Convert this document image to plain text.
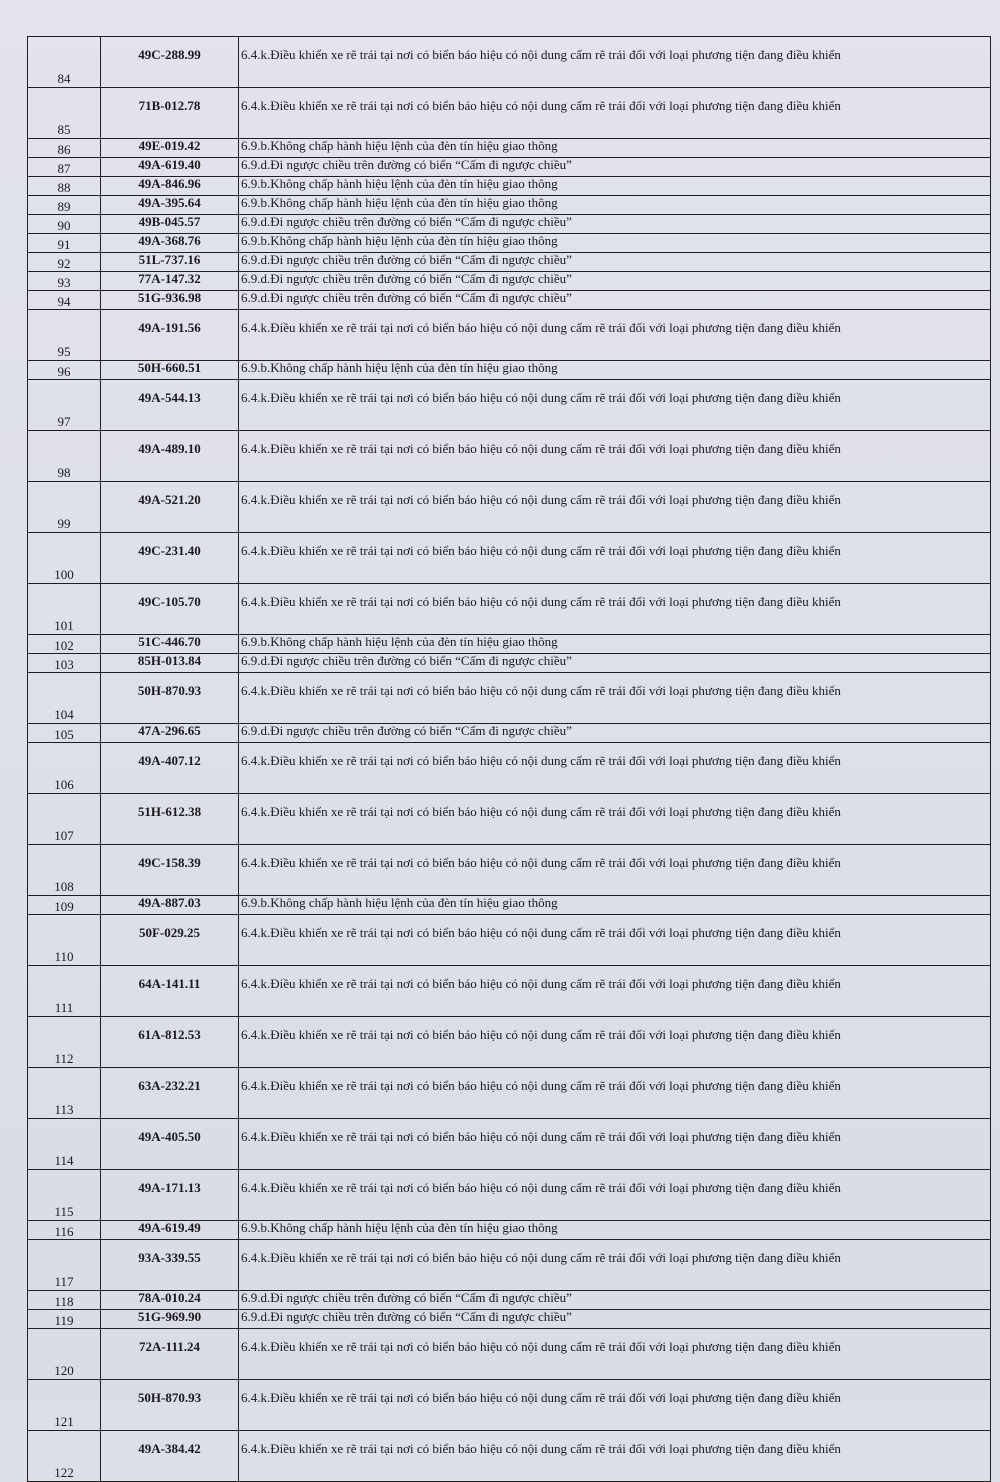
84	49C-288.99	6.4.k.Điều khiển xe rẽ trái tại nơi có biển báo hiệu có nội dung cấm rẽ trái đối với loại phương tiện đang điều khiển
85	71B-012.78	6.4.k.Điều khiển xe rẽ trái tại nơi có biển báo hiệu có nội dung cấm rẽ trái đối với loại phương tiện đang điều khiển
86	49E-019.42	6.9.b.Không chấp hành hiệu lệnh của đèn tín hiệu giao thông
87	49A-619.40	6.9.d.Đi ngược chiều trên đường có biển “Cấm đi ngược chiều”
88	49A-846.96	6.9.b.Không chấp hành hiệu lệnh của đèn tín hiệu giao thông
89	49A-395.64	6.9.b.Không chấp hành hiệu lệnh của đèn tín hiệu giao thông
90	49B-045.57	6.9.d.Đi ngược chiều trên đường có biển “Cấm đi ngược chiều”
91	49A-368.76	6.9.b.Không chấp hành hiệu lệnh của đèn tín hiệu giao thông
92	51L-737.16	6.9.d.Đi ngược chiều trên đường có biển “Cấm đi ngược chiều”
93	77A-147.32	6.9.d.Đi ngược chiều trên đường có biển “Cấm đi ngược chiều”
94	51G-936.98	6.9.d.Đi ngược chiều trên đường có biển “Cấm đi ngược chiều”
95	49A-191.56	6.4.k.Điều khiển xe rẽ trái tại nơi có biển báo hiệu có nội dung cấm rẽ trái đối với loại phương tiện đang điều khiển
96	50H-660.51	6.9.b.Không chấp hành hiệu lệnh của đèn tín hiệu giao thông
97	49A-544.13	6.4.k.Điều khiển xe rẽ trái tại nơi có biển báo hiệu có nội dung cấm rẽ trái đối với loại phương tiện đang điều khiển
98	49A-489.10	6.4.k.Điều khiển xe rẽ trái tại nơi có biển báo hiệu có nội dung cấm rẽ trái đối với loại phương tiện đang điều khiển
99	49A-521.20	6.4.k.Điều khiển xe rẽ trái tại nơi có biển báo hiệu có nội dung cấm rẽ trái đối với loại phương tiện đang điều khiển
100	49C-231.40	6.4.k.Điều khiển xe rẽ trái tại nơi có biển báo hiệu có nội dung cấm rẽ trái đối với loại phương tiện đang điều khiển
101	49C-105.70	6.4.k.Điều khiển xe rẽ trái tại nơi có biển báo hiệu có nội dung cấm rẽ trái đối với loại phương tiện đang điều khiển
102	51C-446.70	6.9.b.Không chấp hành hiệu lệnh của đèn tín hiệu giao thông
103	85H-013.84	6.9.d.Đi ngược chiều trên đường có biển “Cấm đi ngược chiều”
104	50H-870.93	6.4.k.Điều khiển xe rẽ trái tại nơi có biển báo hiệu có nội dung cấm rẽ trái đối với loại phương tiện đang điều khiển
105	47A-296.65	6.9.d.Đi ngược chiều trên đường có biển “Cấm đi ngược chiều”
106	49A-407.12	6.4.k.Điều khiển xe rẽ trái tại nơi có biển báo hiệu có nội dung cấm rẽ trái đối với loại phương tiện đang điều khiển
107	51H-612.38	6.4.k.Điều khiển xe rẽ trái tại nơi có biển báo hiệu có nội dung cấm rẽ trái đối với loại phương tiện đang điều khiển
108	49C-158.39	6.4.k.Điều khiển xe rẽ trái tại nơi có biển báo hiệu có nội dung cấm rẽ trái đối với loại phương tiện đang điều khiển
109	49A-887.03	6.9.b.Không chấp hành hiệu lệnh của đèn tín hiệu giao thông
110	50F-029.25	6.4.k.Điều khiển xe rẽ trái tại nơi có biển báo hiệu có nội dung cấm rẽ trái đối với loại phương tiện đang điều khiển
111	64A-141.11	6.4.k.Điều khiển xe rẽ trái tại nơi có biển báo hiệu có nội dung cấm rẽ trái đối với loại phương tiện đang điều khiển
112	61A-812.53	6.4.k.Điều khiển xe rẽ trái tại nơi có biển báo hiệu có nội dung cấm rẽ trái đối với loại phương tiện đang điều khiển
113	63A-232.21	6.4.k.Điều khiển xe rẽ trái tại nơi có biển báo hiệu có nội dung cấm rẽ trái đối với loại phương tiện đang điều khiển
114	49A-405.50	6.4.k.Điều khiển xe rẽ trái tại nơi có biển báo hiệu có nội dung cấm rẽ trái đối với loại phương tiện đang điều khiển
115	49A-171.13	6.4.k.Điều khiển xe rẽ trái tại nơi có biển báo hiệu có nội dung cấm rẽ trái đối với loại phương tiện đang điều khiển
116	49A-619.49	6.9.b.Không chấp hành hiệu lệnh của đèn tín hiệu giao thông
117	93A-339.55	6.4.k.Điều khiển xe rẽ trái tại nơi có biển báo hiệu có nội dung cấm rẽ trái đối với loại phương tiện đang điều khiển
118	78A-010.24	6.9.d.Đi ngược chiều trên đường có biển “Cấm đi ngược chiều”
119	51G-969.90	6.9.d.Đi ngược chiều trên đường có biển “Cấm đi ngược chiều”
120	72A-111.24	6.4.k.Điều khiển xe rẽ trái tại nơi có biển báo hiệu có nội dung cấm rẽ trái đối với loại phương tiện đang điều khiển
121	50H-870.93	6.4.k.Điều khiển xe rẽ trái tại nơi có biển báo hiệu có nội dung cấm rẽ trái đối với loại phương tiện đang điều khiển
122	49A-384.42	6.4.k.Điều khiển xe rẽ trái tại nơi có biển báo hiệu có nội dung cấm rẽ trái đối với loại phương tiện đang điều khiển
